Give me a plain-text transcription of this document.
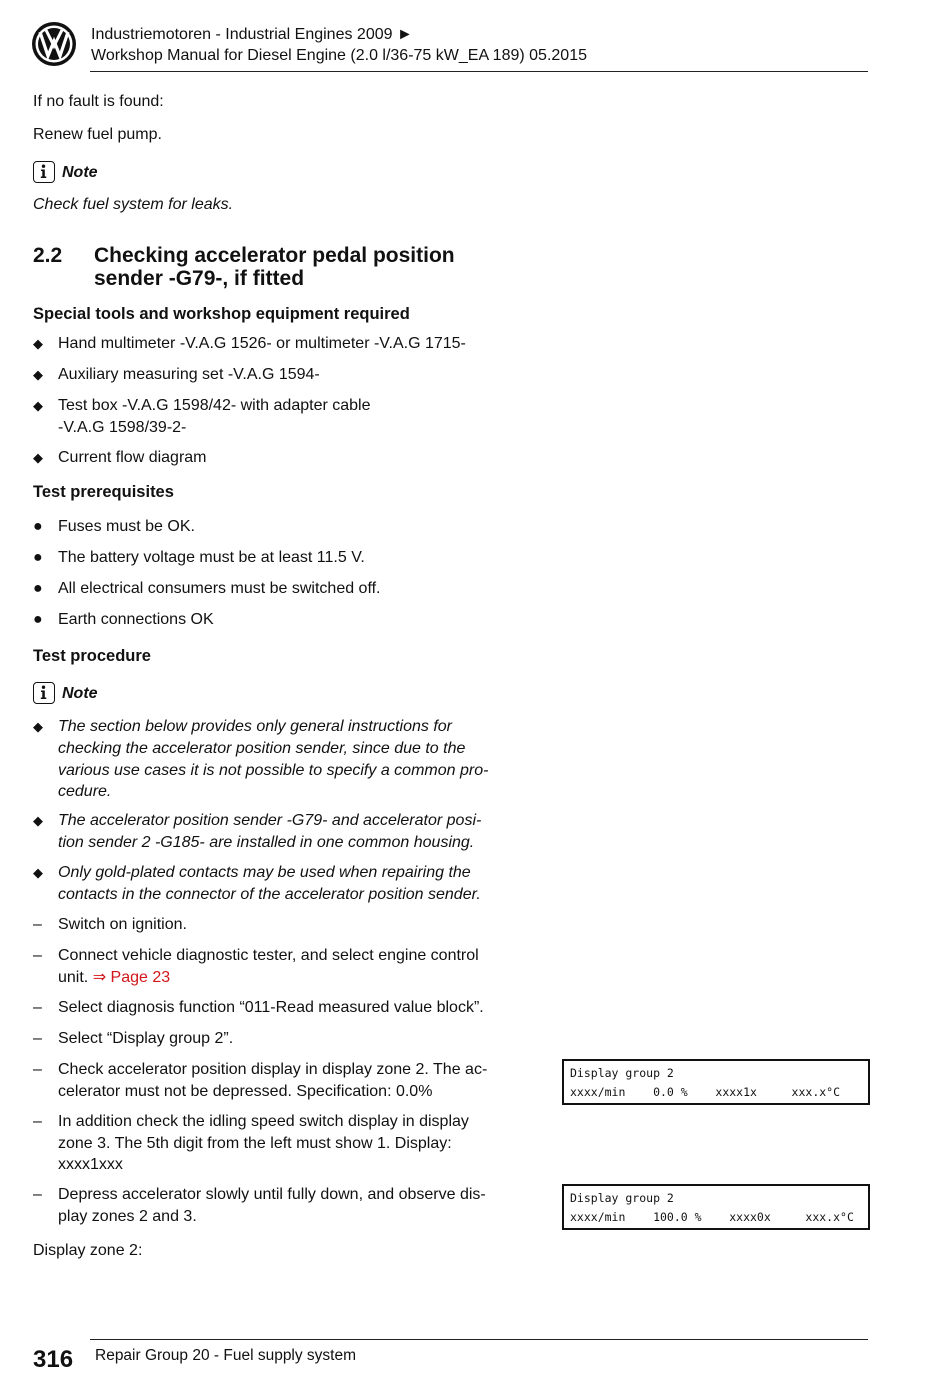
Industriemotoren - Industrial Engines 2009 ►
Workshop Manual for Diesel Engine (2.0 l/36-75 kW_EA 189) 05.2015
If no fault is found:
Renew fuel pump.
Note
Check fuel system for leaks.
2.2 Checking accelerator pedal position
sender -G79-, if fitted
Special tools and workshop equipment required
◆ Hand multimeter -V.A.G 1526- or multimeter -V.A.G 1715-
◆ Auxiliary measuring set -V.A.G 1594-
◆ Test box -V.A.G 1598/42- with adapter cable
-V.A.G 1598/39-2-
◆ Current flow diagram
Test prerequisites
● Fuses must be OK.
● The battery voltage must be at least 11.5 V.
● All electrical consumers must be switched off.
● Earth connections OK
Test procedure
Note
◆ The section below provides only general instructions for
checking the accelerator position sender, since due to the
various use cases it is not possible to specify a common pro-
cedure.
◆ The accelerator position sender -G79- and accelerator posi-
tion sender 2 -G185- are installed in one common housing.
◆ Only gold-plated contacts may be used when repairing the
contacts in the connector of the accelerator position sender.
–	Switch on ignition.
–	Connect vehicle diagnostic tester, and select engine control
unit. ⇒ Page 23
–	Select diagnosis function “011-Read measured value block”.
–	Select “Display group 2”.
–	Check accelerator position display in display zone 2. The ac-
celerator must not be depressed. Specification: 0.0%
–	In addition check the idling speed switch display in display
zone 3. The 5th digit from the left must show 1. Display:
xxxx1xxx
–	Depress accelerator slowly until fully down, and observe dis-
play zones 2 and 3.
Display zone 2:
Display group 2
xxxx/min    0.0 %    xxxx1x     xxx.x°C
Display group 2
xxxx/min    100.0 %    xxxx0x     xxx.x°C
316 Repair Group 20 - Fuel supply system
